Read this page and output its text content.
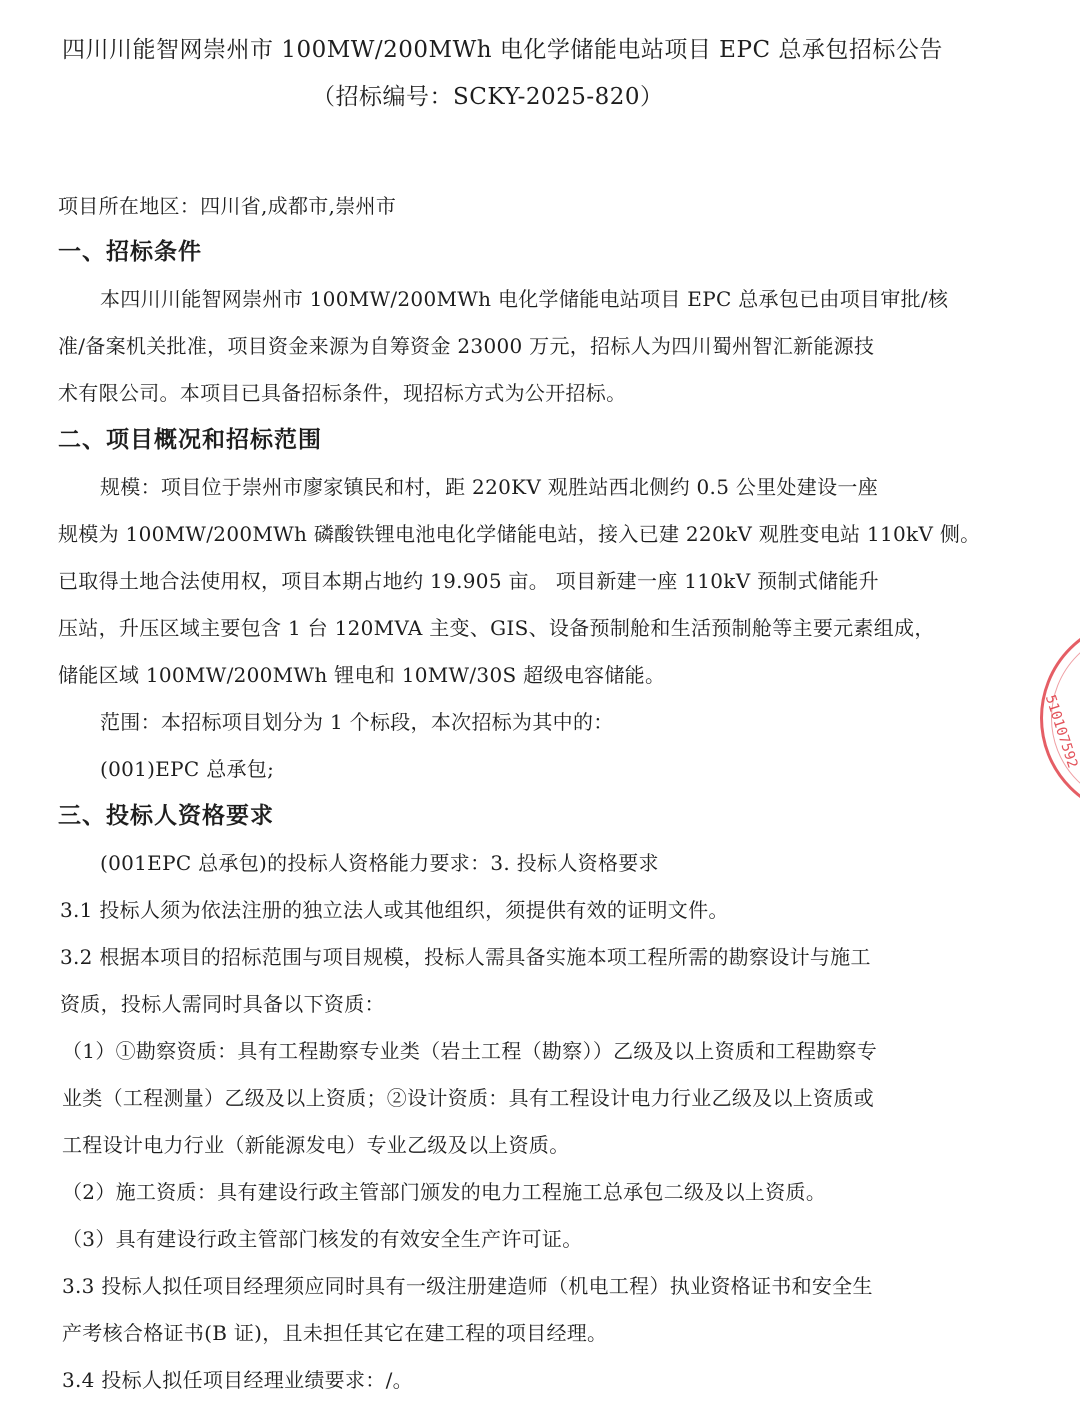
四川川能智网崇州市 100MW/200MWh 电化学储能电站项目 EPC 总承包招标公告
（招标编号：SCKY-2025-820）
项目所在地区：四川省,成都市,崇州市
一、招标条件
本四川川能智网崇州市 100MW/200MWh 电化学储能电站项目 EPC 总承包已由项目审批/核
准/备案机关批准，项目资金来源为自筹资金 23000 万元，招标人为四川蜀州智汇新能源技
术有限公司。本项目已具备招标条件，现招标方式为公开招标。
二、项目概况和招标范围
规模：项目位于崇州市廖家镇民和村，距 220KV 观胜站西北侧约 0.5 公里处建设一座
规模为 100MW/200MWh 磷酸铁锂电池电化学储能电站，接入已建 220kV 观胜变电站 110kV 侧。
已取得土地合法使用权，项目本期占地约 19.905 亩。 项目新建一座 110kV 预制式储能升
压站，升压区域主要包含 1 台 120MVA 主变、GIS、设备预制舱和生活预制舱等主要元素组成，
储能区域 100MW/200MWh 锂电和 10MW/30S 超级电容储能。
范围：本招标项目划分为 1 个标段，本次招标为其中的：
(001)EPC 总承包;
三、投标人资格要求
(001EPC 总承包)的投标人资格能力要求：3. 投标人资格要求
3.1 投标人须为依法注册的独立法人或其他组织，须提供有效的证明文件。
3.2 根据本项目的招标范围与项目规模，投标人需具备实施本项工程所需的勘察设计与施工
资质，投标人需同时具备以下资质：
（1）①勘察资质：具有工程勘察专业类（岩土工程（勘察））乙级及以上资质和工程勘察专
业类（工程测量）乙级及以上资质；②设计资质：具有工程设计电力行业乙级及以上资质或
工程设计电力行业（新能源发电）专业乙级及以上资质。
（2）施工资质：具有建设行政主管部门颁发的电力工程施工总承包二级及以上资质。
（3）具有建设行政主管部门核发的有效安全生产许可证。
3.3 投标人拟任项目经理须应同时具有一级注册建造师（机电工程）执业资格证书和安全生
产考核合格证书(B 证)，且未担任其它在建工程的项目经理。
3.4 投标人拟任项目经理业绩要求：/。
510107592
